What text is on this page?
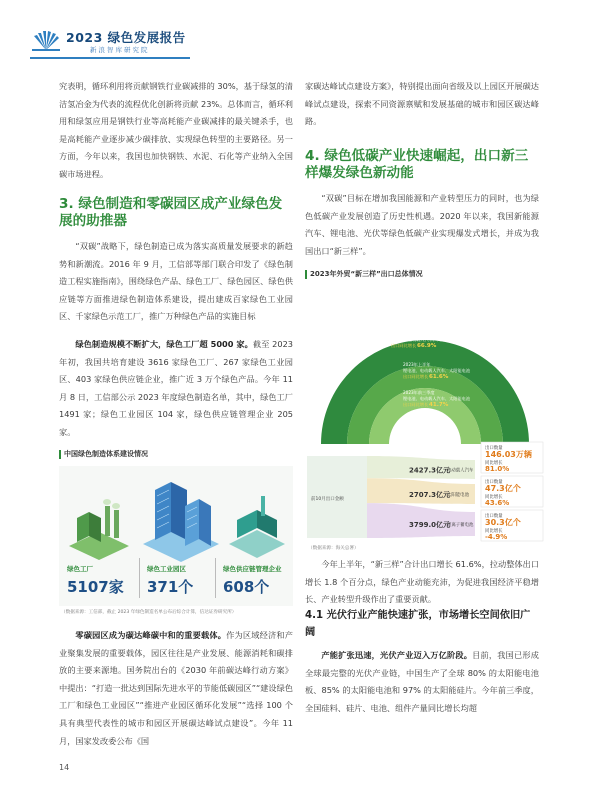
2023 绿色发展报告
新浪智库研究院

究表明，循环利用将贡献钢铁行业碳减排的 30%，基于绿氢的清洁氢冶金为代表的流程优化创新将贡献 23%。总体而言，循环利用和绿氢应用是钢铁行业等高耗能产业碳减排的最关键杀手，也是高耗能产业逐步减少碳排放、实现绿色转型的主要路径。另一方面，今年以来，我国也加快钢铁、水泥、石化等产业纳入全国碳市场进程。

3. 绿色制造和零碳园区成产业绿色发展的助推器

“双碳”战略下，绿色制造已成为落实高质量发展要求的新趋势和新潮流。2016 年 9 月，工信部等部门联合印发了《绿色制造工程实施指南》，围绕绿色产品、绿色工厂、绿色园区、绿色供应链等方面推进绿色制造体系建设，提出建成百家绿色工业园区、千家绿色示范工厂，推广万种绿色产品的实施目标

绿色制造规模不断扩大，绿色工厂超 5000 家。截至 2023 年初，我国共培育建设 3616 家绿色工厂、267 家绿色工业园区、403 家绿色供应链企业，推广近 3 万个绿色产品。今年 11 月 8 日，工信部公示 2023 年度绿色制造名单，其中，绿色工厂 1491 家；绿色工业园区 104 家，绿色供应链管理企业 205 家。

中国绿色制造体系建设情况
绿色工厂
5107家
绿色工业园区
371个
绿色供应链管理企业
608个
（数据来源：工信部，截止 2023 年绿色制造名单公布后综合计算，信达证券研究所）

零碳园区成为碳达峰碳中和的重要载体。作为区域经济和产业聚集发展的重要载体，园区往往是产业发展、能源消耗和碳排放的主要来源地。国务院出台的《2030 年前碳达峰行动方案》中提出：“打造一批达到国际先进水平的节能低碳园区”“建设绿色工厂和绿色工业园区”“推进产业园区循环化发展”“选择 100 个具有典型代表性的城市和园区开展碳达峰试点建设”。今年 11 月，国家发改委公布《国

家碳达峰试点建设方案》，特别提出面向省级及以上园区开展碳达峰试点建设，探索不同资源禀赋和发展基础的城市和园区碳达峰路。

4. 绿色低碳产业快速崛起，出口新三样爆发绿色新动能

“双碳”目标在增加我国能源和产业转型压力的同时，也为绿色低碳产业发展创造了历史性机遇。2020 年以来，我国新能源汽车、锂电池、光伏等绿色低碳产业实现爆发式增长，并成为我国出口“新三样”。

2023年外贸“新三样”出口总体情况
2023年第一季度
锂电池、电动载人汽车、太阳能电池
出口同比增长 66.9%
2023年上半年
锂电池、电动载人汽车、太阳能电池
出口同比增长 61.6%
2023年前三季度
锂电池、电动载人汽车、太阳能电池
出口同比增长 41.7%
前10月出口金额
2427.3亿元
电动载人汽车
2707.3亿元
太阳能电池
3799.0亿元
锂离子蓄电池
出口数量
146.03万辆
同比增长
81.0%
出口数量
47.3亿个
同比增长
43.6%
出口数量
30.3亿个
同比增长
-4.9%
（数据来源：海关总署）

今年上半年，“新三样”合计出口增长 61.6%，拉动整体出口增长 1.8 个百分点，绿色产业动能充沛，为促进我国经济平稳增长、产业转型升级作出了重要贡献。

4.1 光伏行业产能快速扩张，市场增长空间依旧广阔

产能扩张迅速，光伏产业迈入万亿阶段。目前，我国已形成全球最完整的光伏产业链，中国生产了全球 80% 的太阳能电池板、85% 的太阳能电池和 97% 的太阳能硅片。今年前三季度，全国硅料、硅片、电池、组件产量同比增长均超

14
